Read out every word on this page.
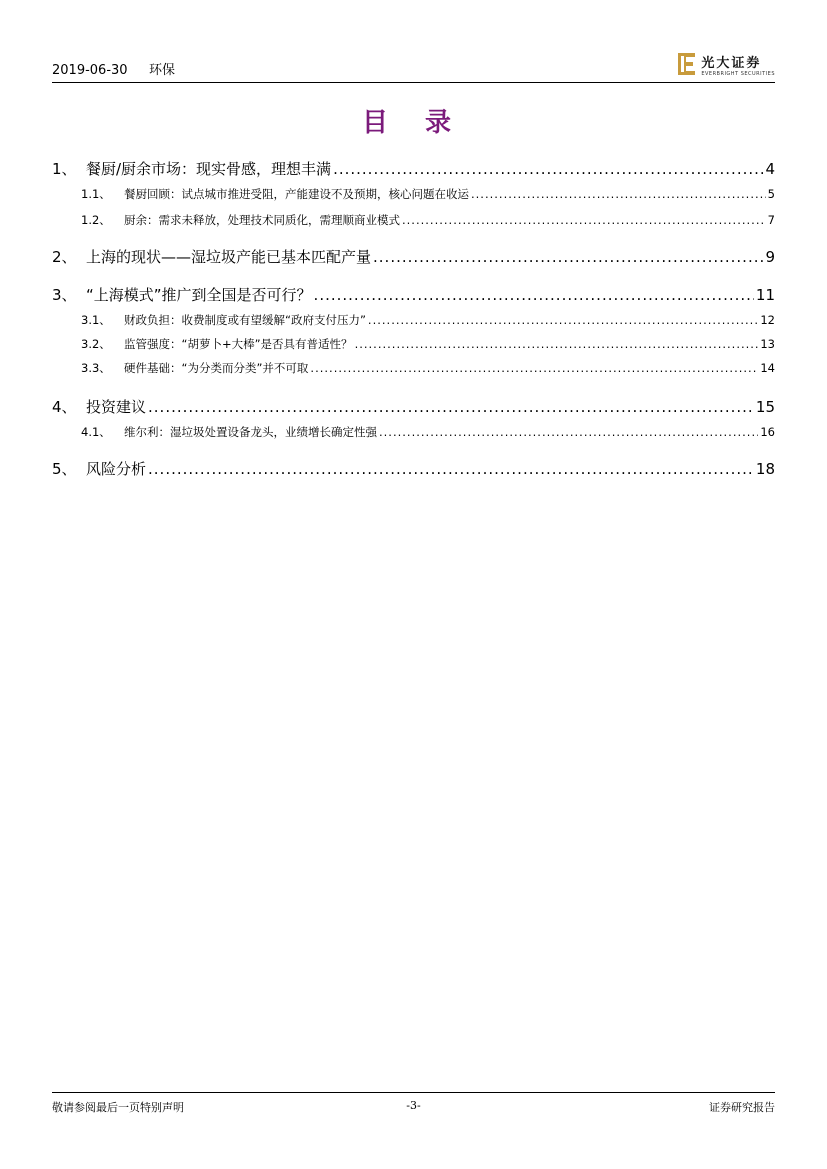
2019-06-30 环保	光大证券
EVERBRIGHT SECURITIES
目 录
1、 餐厨/厨余市场：现实骨感，理想丰满 .....	4
1.1、	餐厨回顾：试点城市推进受阻，产能建设不及预期，核心问题在收运 .....	5
1.2、	厨余：需求未释放，处理技术同质化，需理顺商业模式 .....	7
2、 上海的现状——湿垃圾产能已基本匹配产量 .....	9
3、 “上海模式”推广到全国是否可行？ .....	11
3.1、	财政负担：收费制度或有望缓解“政府支付压力” .....	12
3.2、	监管强度：“胡萝卜+大棒”是否具有普适性？ .....	13
3.3、	硬件基础：“为分类而分类”并不可取 .....	14
4、 投资建议 .....	15
4.1、	维尔利：湿垃圾处置设备龙头，业绩增长确定性强 .....	16
5、 风险分析 .....	18
敬请参阅最后一页特别声明	-3-	证券研究报告
